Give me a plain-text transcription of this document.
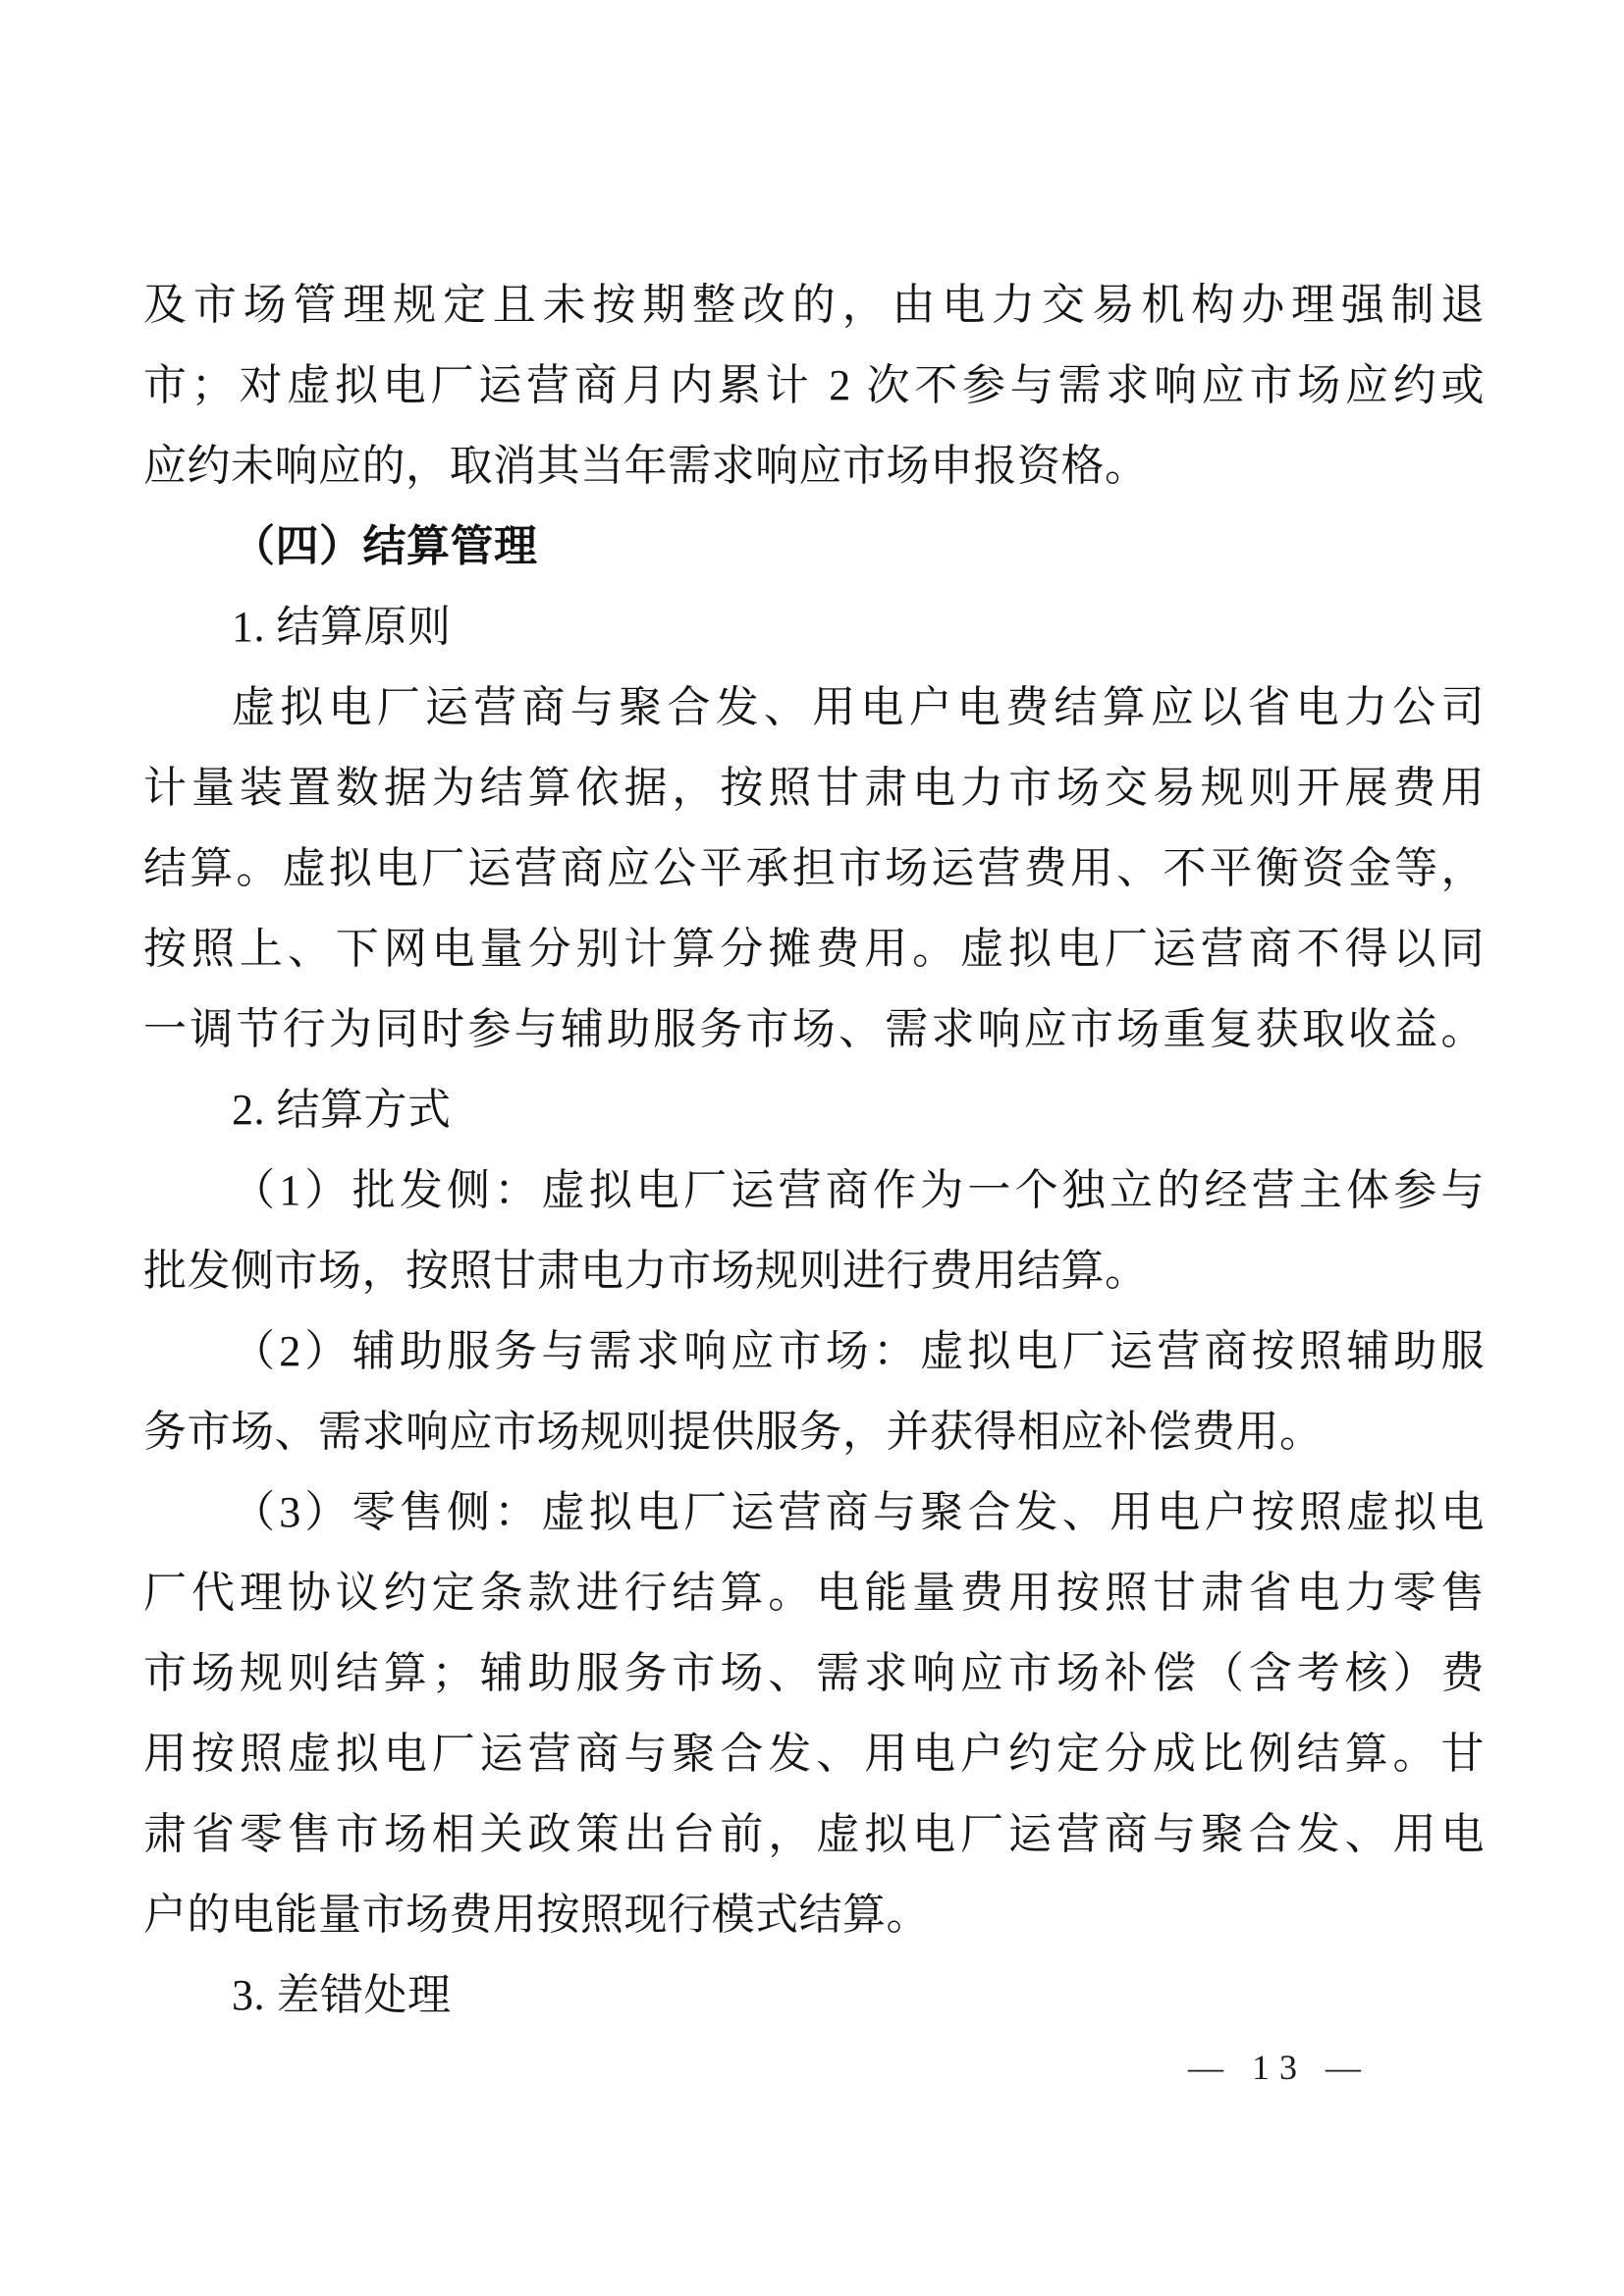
及市场管理规定且未按期整改的，由电力交易机构办理强制退
市；对虚拟电厂运营商月内累计 2 次不参与需求响应市场应约或
应约未响应的，取消其当年需求响应市场申报资格。
（四）结算管理
1. 结算原则
虚拟电厂运营商与聚合发、用电户电费结算应以省电力公司
计量装置数据为结算依据，按照甘肃电力市场交易规则开展费用
结算。虚拟电厂运营商应公平承担市场运营费用、不平衡资金等，
按照上、下网电量分别计算分摊费用。虚拟电厂运营商不得以同
一调节行为同时参与辅助服务市场、需求响应市场重复获取收益。
2. 结算方式
（1）批发侧：虚拟电厂运营商作为一个独立的经营主体参与
批发侧市场，按照甘肃电力市场规则进行费用结算。
（2）辅助服务与需求响应市场：虚拟电厂运营商按照辅助服
务市场、需求响应市场规则提供服务，并获得相应补偿费用。
（3）零售侧：虚拟电厂运营商与聚合发、用电户按照虚拟电
厂代理协议约定条款进行结算。电能量费用按照甘肃省电力零售
市场规则结算；辅助服务市场、需求响应市场补偿（含考核）费
用按照虚拟电厂运营商与聚合发、用电户约定分成比例结算。甘
肃省零售市场相关政策出台前，虚拟电厂运营商与聚合发、用电
户的电能量市场费用按照现行模式结算。
3. 差错处理
— 13 —
